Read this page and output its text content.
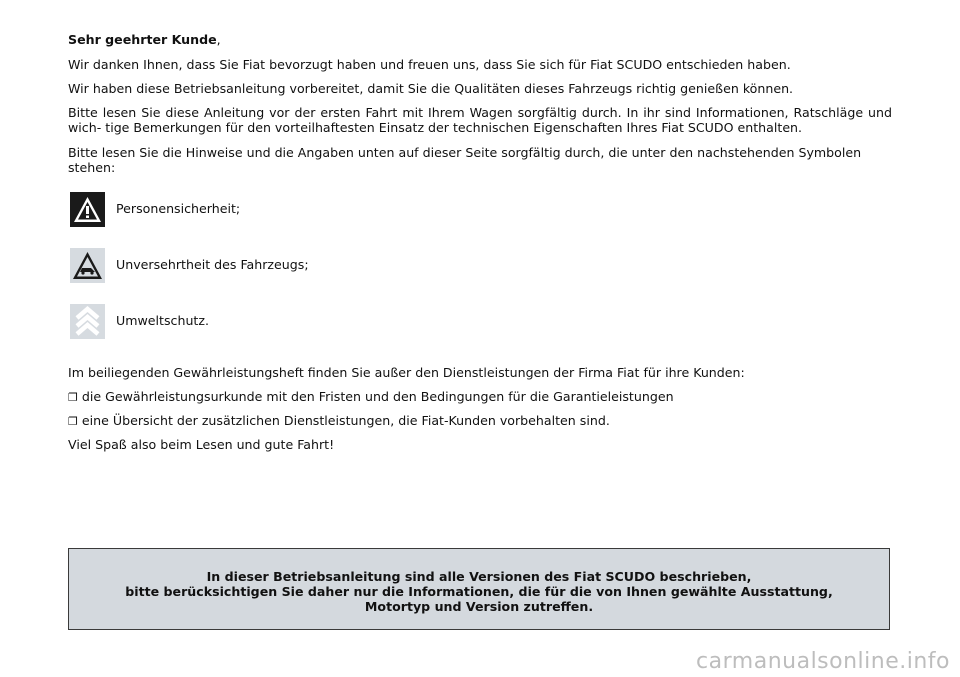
Sehr geehrter Kunde,

Wir danken Ihnen, dass Sie Fiat bevorzugt haben und freuen uns, dass Sie sich für Fiat SCUDO entschieden haben.

Wir haben diese Betriebsanleitung vorbereitet, damit Sie die Qualitäten dieses Fahrzeugs richtig genießen können.

Bitte lesen Sie diese Anleitung vor der ersten Fahrt mit Ihrem Wagen sorgfältig durch. In ihr sind Informationen, Ratschläge und wich- tige Bemerkungen für den vorteilhaftesten Einsatz der technischen Eigenschaften Ihres Fiat SCUDO enthalten.

Bitte lesen Sie die Hinweise und die Angaben unten auf dieser Seite sorgfältig durch, die unter den nachstehenden Symbolen stehen:

Personensicherheit;
Unversehrtheit des Fahrzeugs;
Umweltschutz.

Im beiliegenden Gewährleistungsheft finden Sie außer den Dienstleistungen der Firma Fiat für ihre Kunden:

❐ die Gewährleistungsurkunde mit den Fristen und den Bedingungen für die Garantieleistungen

❐ eine Übersicht der zusätzlichen Dienstleistungen, die Fiat-Kunden vorbehalten sind.

Viel Spaß also beim Lesen und gute Fahrt!

In dieser Betriebsanleitung sind alle Versionen des Fiat SCUDO beschrieben,
bitte berücksichtigen Sie daher nur die Informationen, die für die von Ihnen gewählte Ausstattung,
Motortyp und Version zutreffen.
carmanualsonline.info
